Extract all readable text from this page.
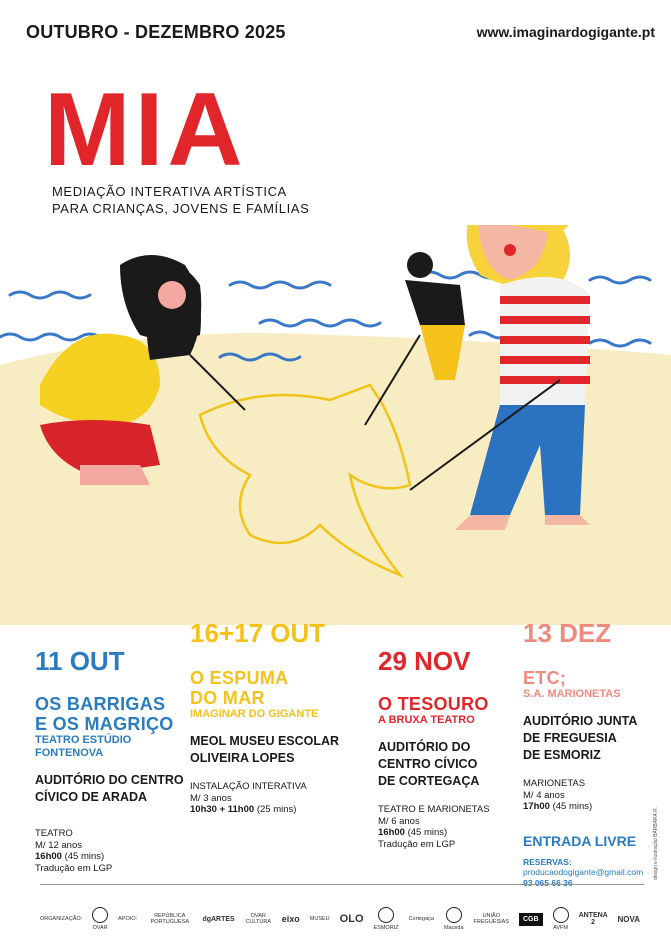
OUTUBRO - DEZEMBRO 2025	www.imaginardogigante.pt
MIA
MEDIAÇÃO INTERATIVA ARTÍSTICA
PARA CRIANÇAS, JOVENS E FAMÍLIAS
11 OUT
OS BARRIGAS
E OS MAGRIÇO
TEATRO ESTÚDIO
FONTENOVA
AUDITÓRIO DO CENTRO
CÍVICO DE ARADA
TEATRO
M/ 12 anos
16h00 (45 mins)
Tradução em LGP
16+17 OUT
O ESPUMA
DO MAR
IMAGINAR DO GIGANTE
MEOL MUSEU ESCOLAR
OLIVEIRA LOPES
INSTALAÇÃO INTERATIVA
M/ 3 anos
10h30 + 11h00 (25 mins)
29 NOV
O TESOURO
A BRUXA TEATRO
AUDITÓRIO DO
CENTRO CÍVICO
DE CORTEGAÇA
TEATRO E MARIONETAS
M/ 6 anos
16h00 (45 mins)
Tradução em LGP
13 DEZ
ETC;
S.A. MARIONETAS
AUDITÓRIO JUNTA
DE FREGUESIA
DE ESMORIZ
MARIONETAS
M/ 4 anos
17h00 (45 mins)
ENTRADA LIVRE
RESERVAS:
producaodogigante@gmail.com
93 065 66 36
design e ilustração BÁRBARA R.
ORGANIZAÇÃO:
OVAR
APOIO:	REPÚBLICA PORTUGUESA	dgARTES	OVAR CULTURA eixo MUSEU OLO
ESMORIZ
Cortegaça
Maceda
UNIÃO FREGUESIAS	CGB
AVFM
ANTENA 2	NOVA
